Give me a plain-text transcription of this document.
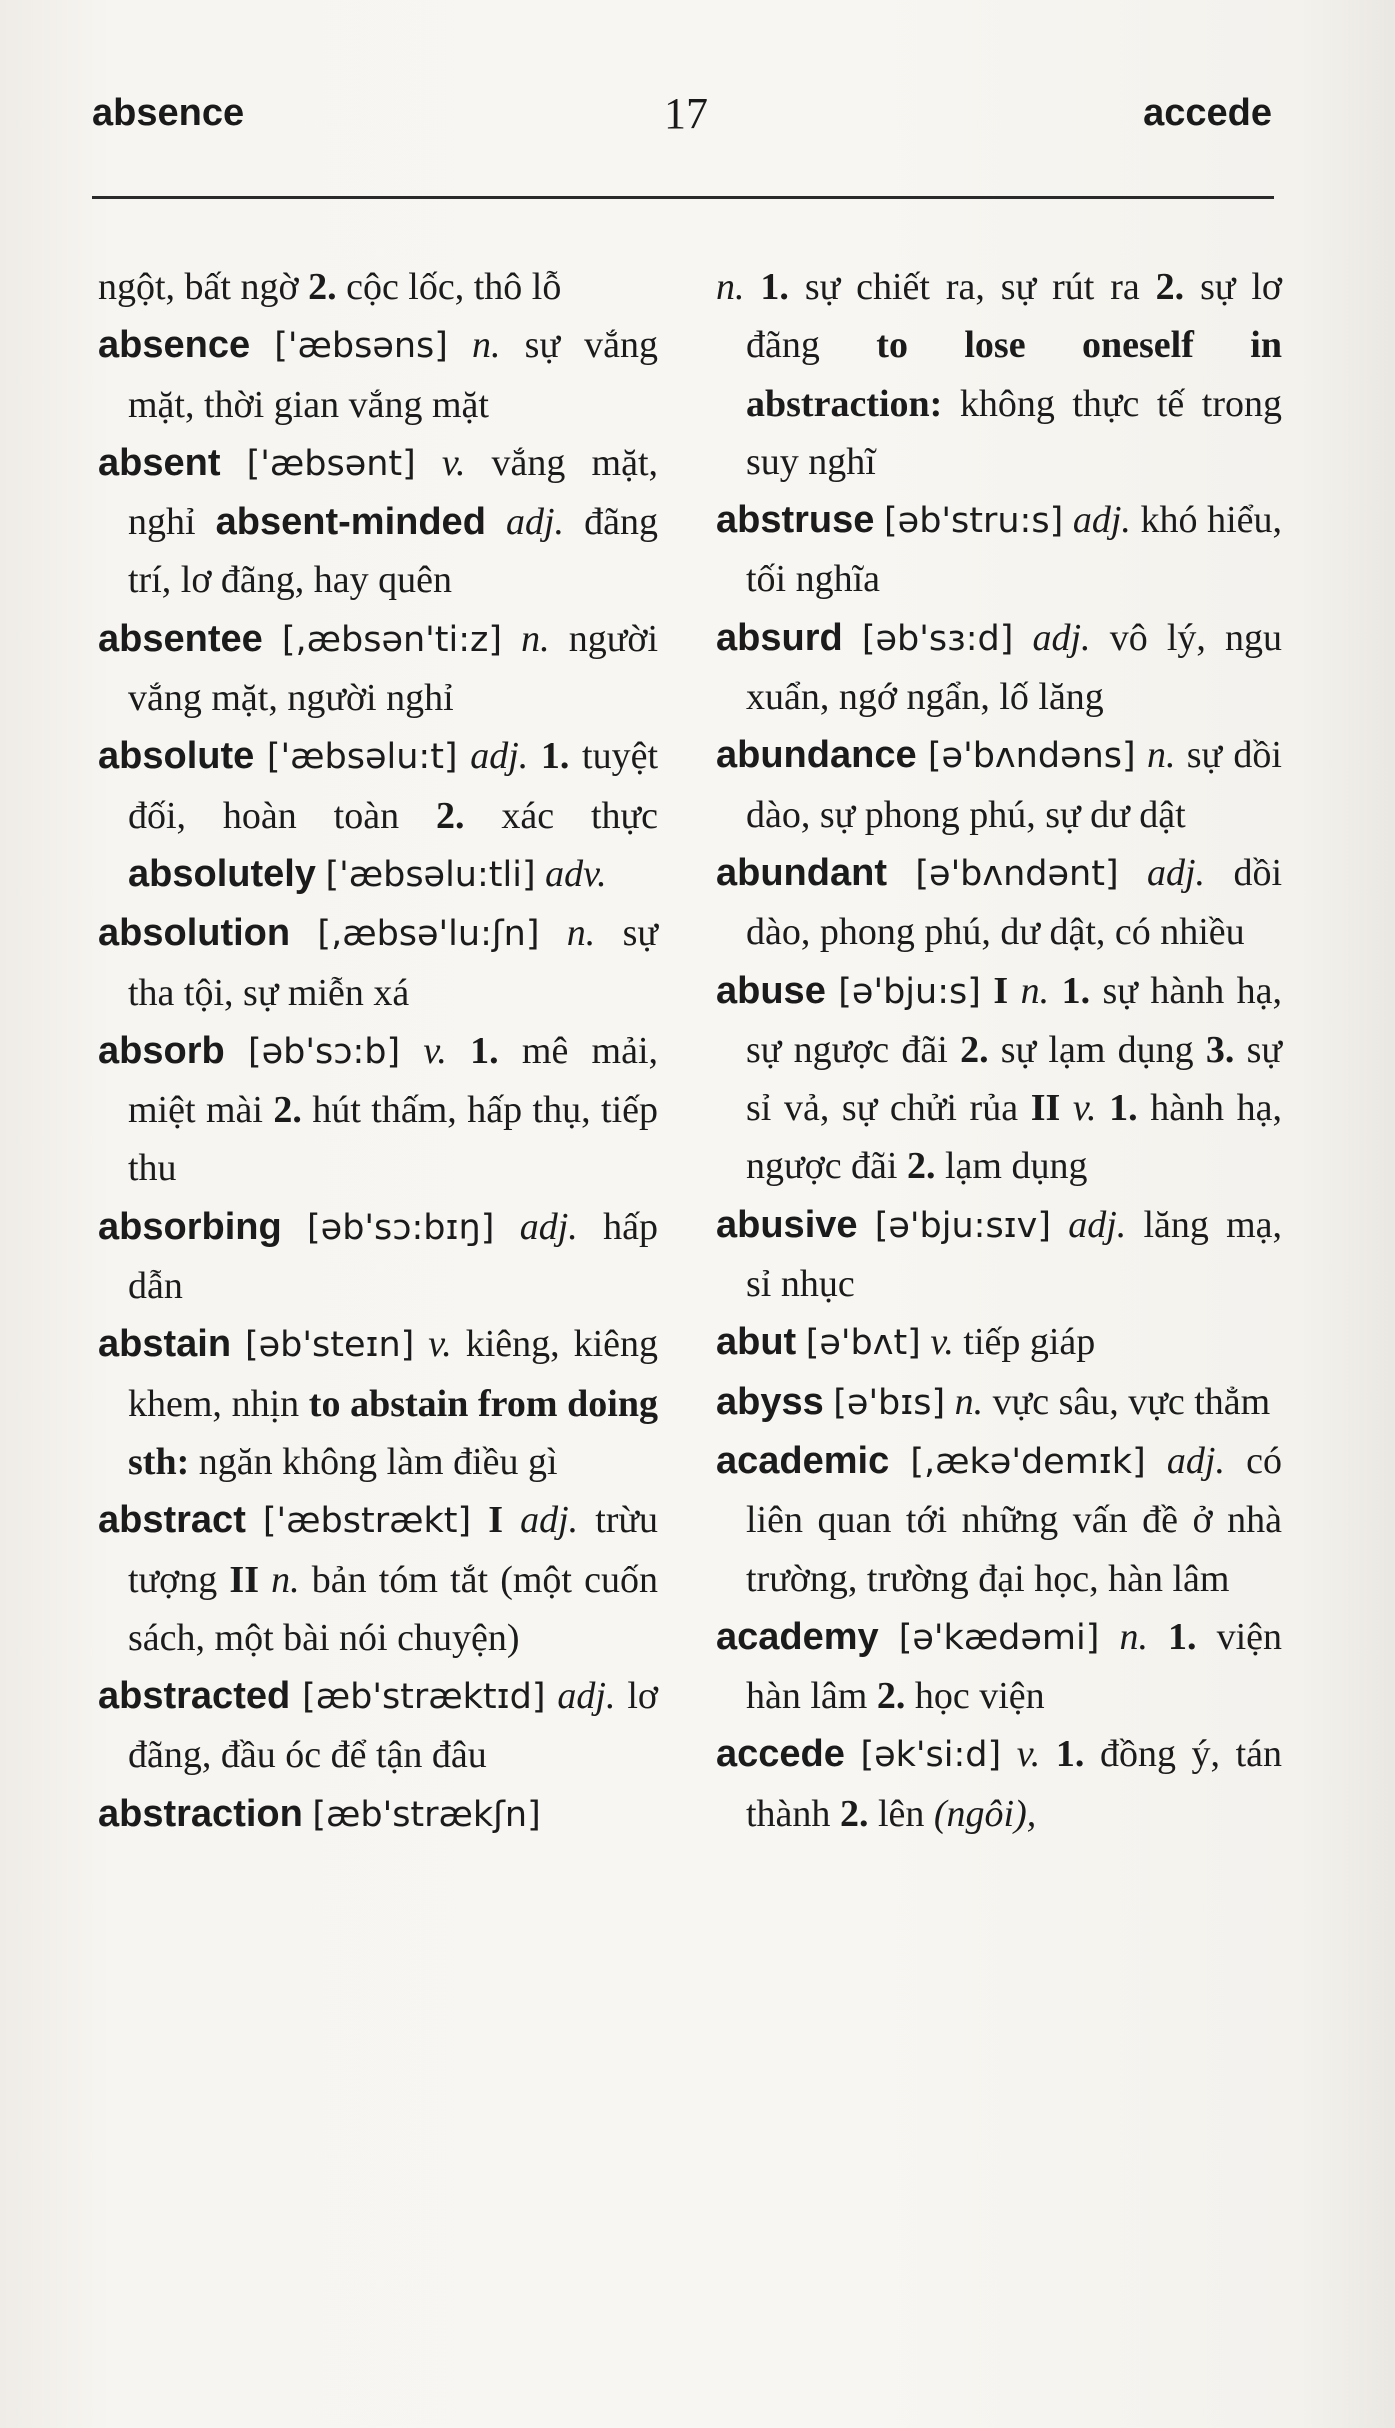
absence	17	accede

ngột, bất ngờ 2. cộc lốc, thô lỗ

absence ['æbsəns] n. sự vắng mặt, thời gian vắng mặt

absent ['æbsənt] v. vắng mặt, nghỉ absent-minded adj. đãng trí, lơ đãng, hay quên

absentee [,æbsən'ti:z] n. người vắng mặt, người nghỉ

absolute ['æbsəlu:t] adj. 1. tuyệt đối, hoàn toàn 2. xác thực absolutely ['æbsəlu:tli] adv.

absolution [,æbsə'lu:ʃn] n. sự tha tội, sự miễn xá

absorb [əb'sɔ:b] v. 1. mê mải, miệt mài 2. hút thấm, hấp thụ, tiếp thu

absorbing [əb'sɔ:bɪŋ] adj. hấp dẫn

abstain [əb'steɪn] v. kiêng, kiêng khem, nhịn to abstain from doing sth: ngăn không làm điều gì

abstract ['æbstrækt] I adj. trừu tượng II n. bản tóm tắt (một cuốn sách, một bài nói chuyện)

abstracted [æb'stræktɪd] adj. lơ đãng, đầu óc để tận đâu

abstraction [æb'strækʃn]

n. 1. sự chiết ra, sự rút ra 2. sự lơ đãng to lose oneself in abstraction: không thực tế trong suy nghĩ

abstruse [əb'stru:s] adj. khó hiểu, tối nghĩa

absurd [əb'sɜ:d] adj. vô lý, ngu xuẩn, ngớ ngẩn, lố lăng

abundance [ə'bʌndəns] n. sự dồi dào, sự phong phú, sự dư dật

abundant [ə'bʌndənt] adj. dồi dào, phong phú, dư dật, có nhiều

abuse [ə'bju:s] I n. 1. sự hành hạ, sự ngược đãi 2. sự lạm dụng 3. sự sỉ vả, sự chửi rủa II v. 1. hành hạ, ngược đãi 2. lạm dụng

abusive [ə'bju:sɪv] adj. lăng mạ, sỉ nhục

abut [ə'bʌt] v. tiếp giáp

abyss [ə'bɪs] n. vực sâu, vực thẳm

academic [,ækə'demɪk] adj. có liên quan tới những vấn đề ở nhà trường, trường đại học, hàn lâm

academy [ə'kædəmi] n. 1. viện hàn lâm 2. học viện

accede [ək'si:d] v. 1. đồng ý, tán thành 2. lên (ngôi),
